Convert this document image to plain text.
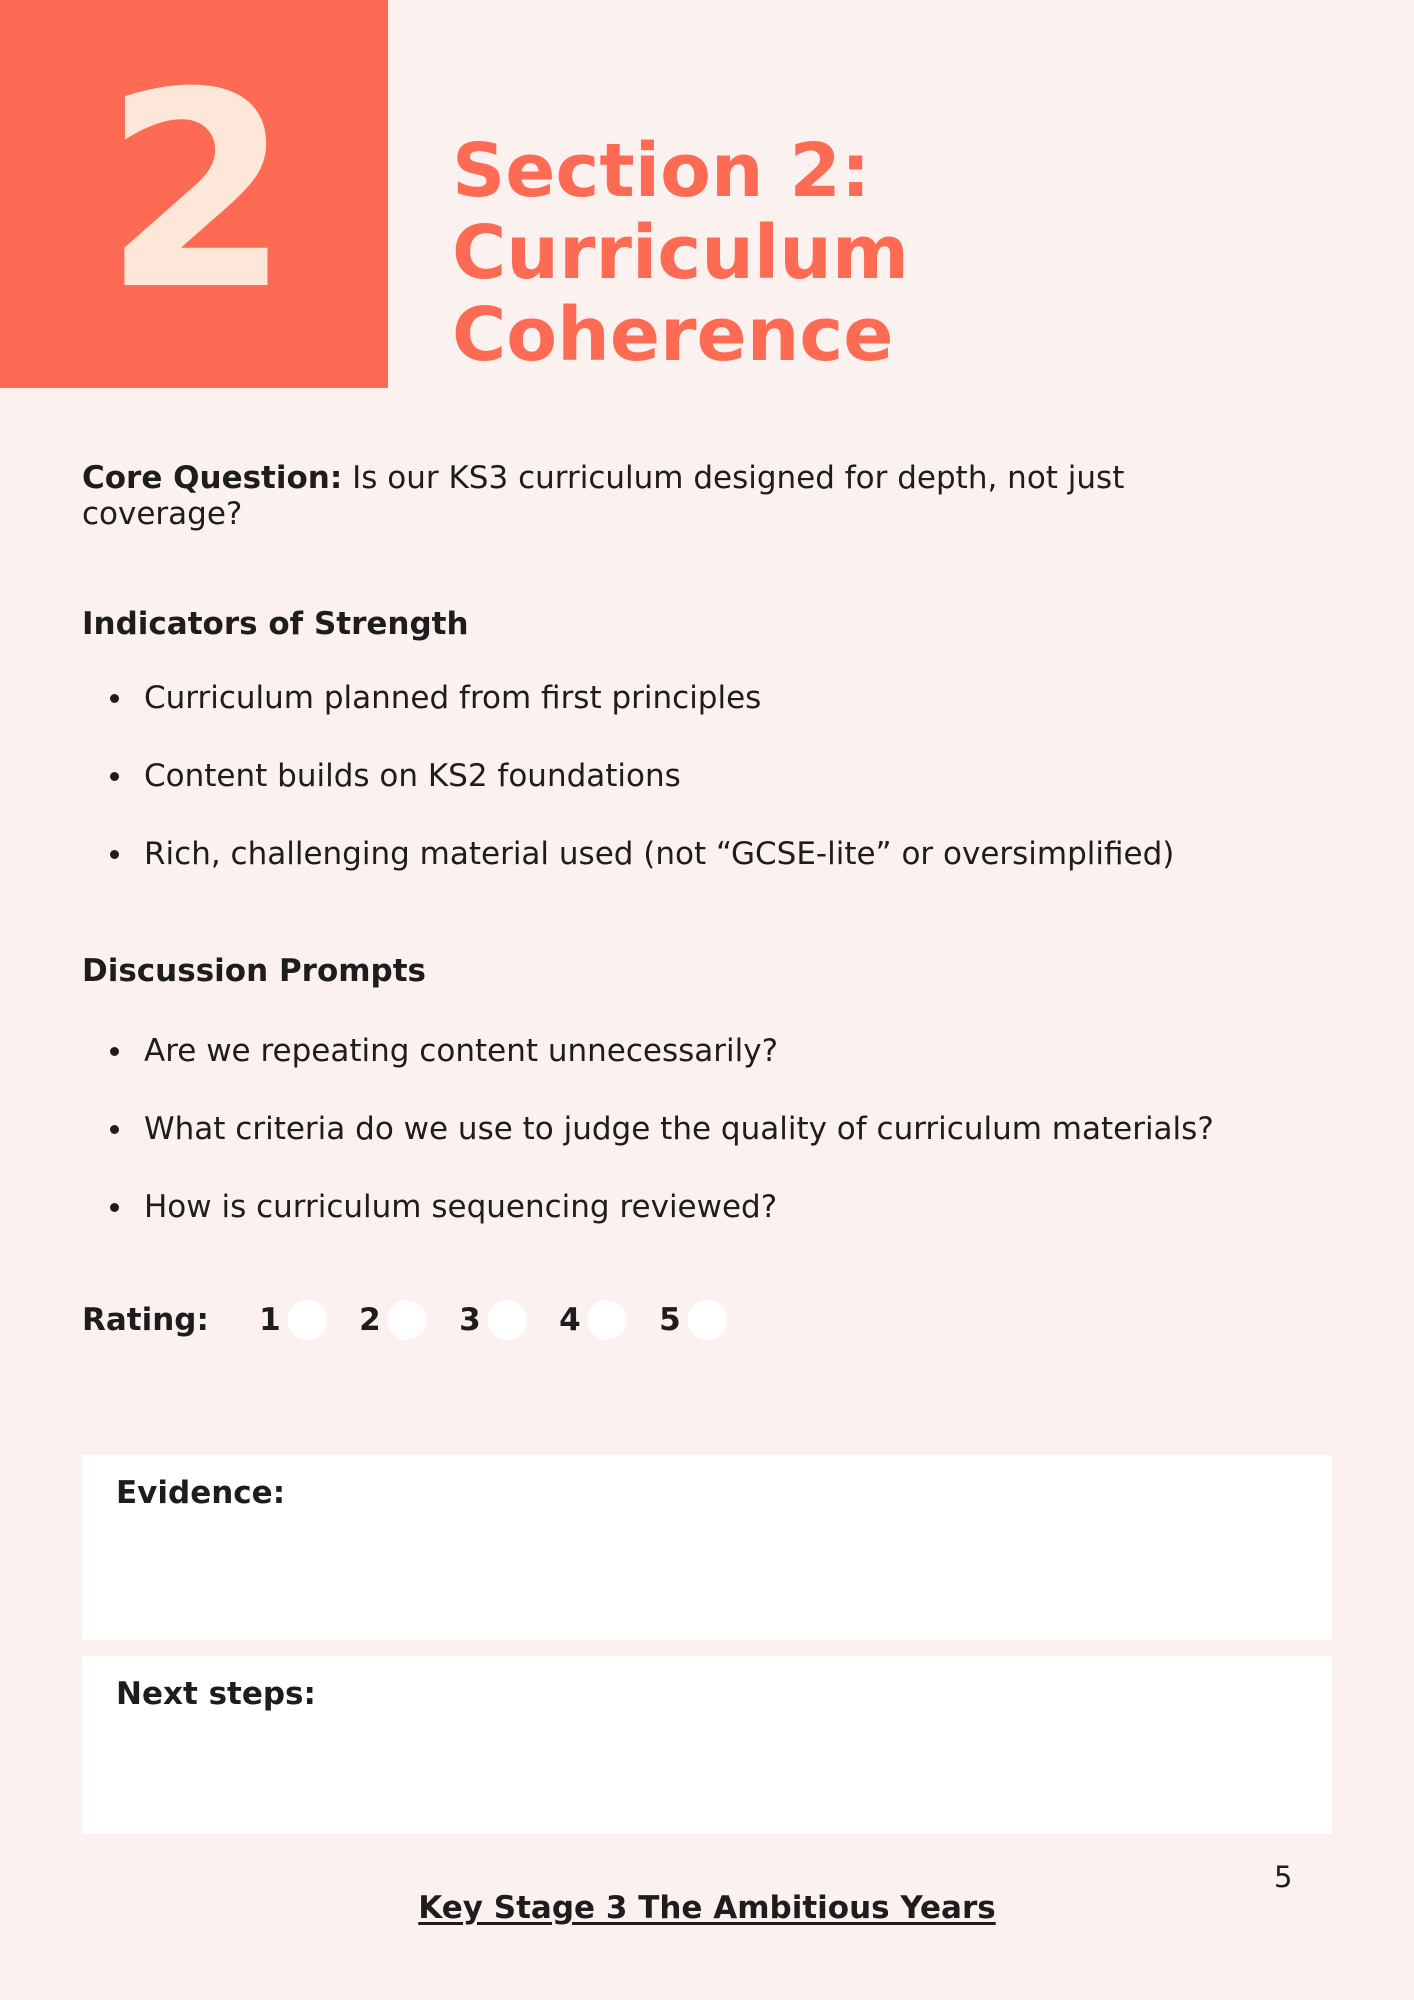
2 Section 2: Curriculum Coherence

Core Question: Is our KS3 curriculum designed for depth, not just coverage?

Indicators of Strength
Curriculum planned from first principles
Content builds on KS2 foundations
Rich, challenging material used (not “GCSE-lite” or oversimplified)
Discussion Prompts
Are we repeating content unnecessarily?
What criteria do we use to judge the quality of curriculum materials?
How is curriculum sequencing reviewed?
Rating: 1	2	3	4	5
Evidence:
Next steps:
5
Key Stage 3 The Ambitious Years
